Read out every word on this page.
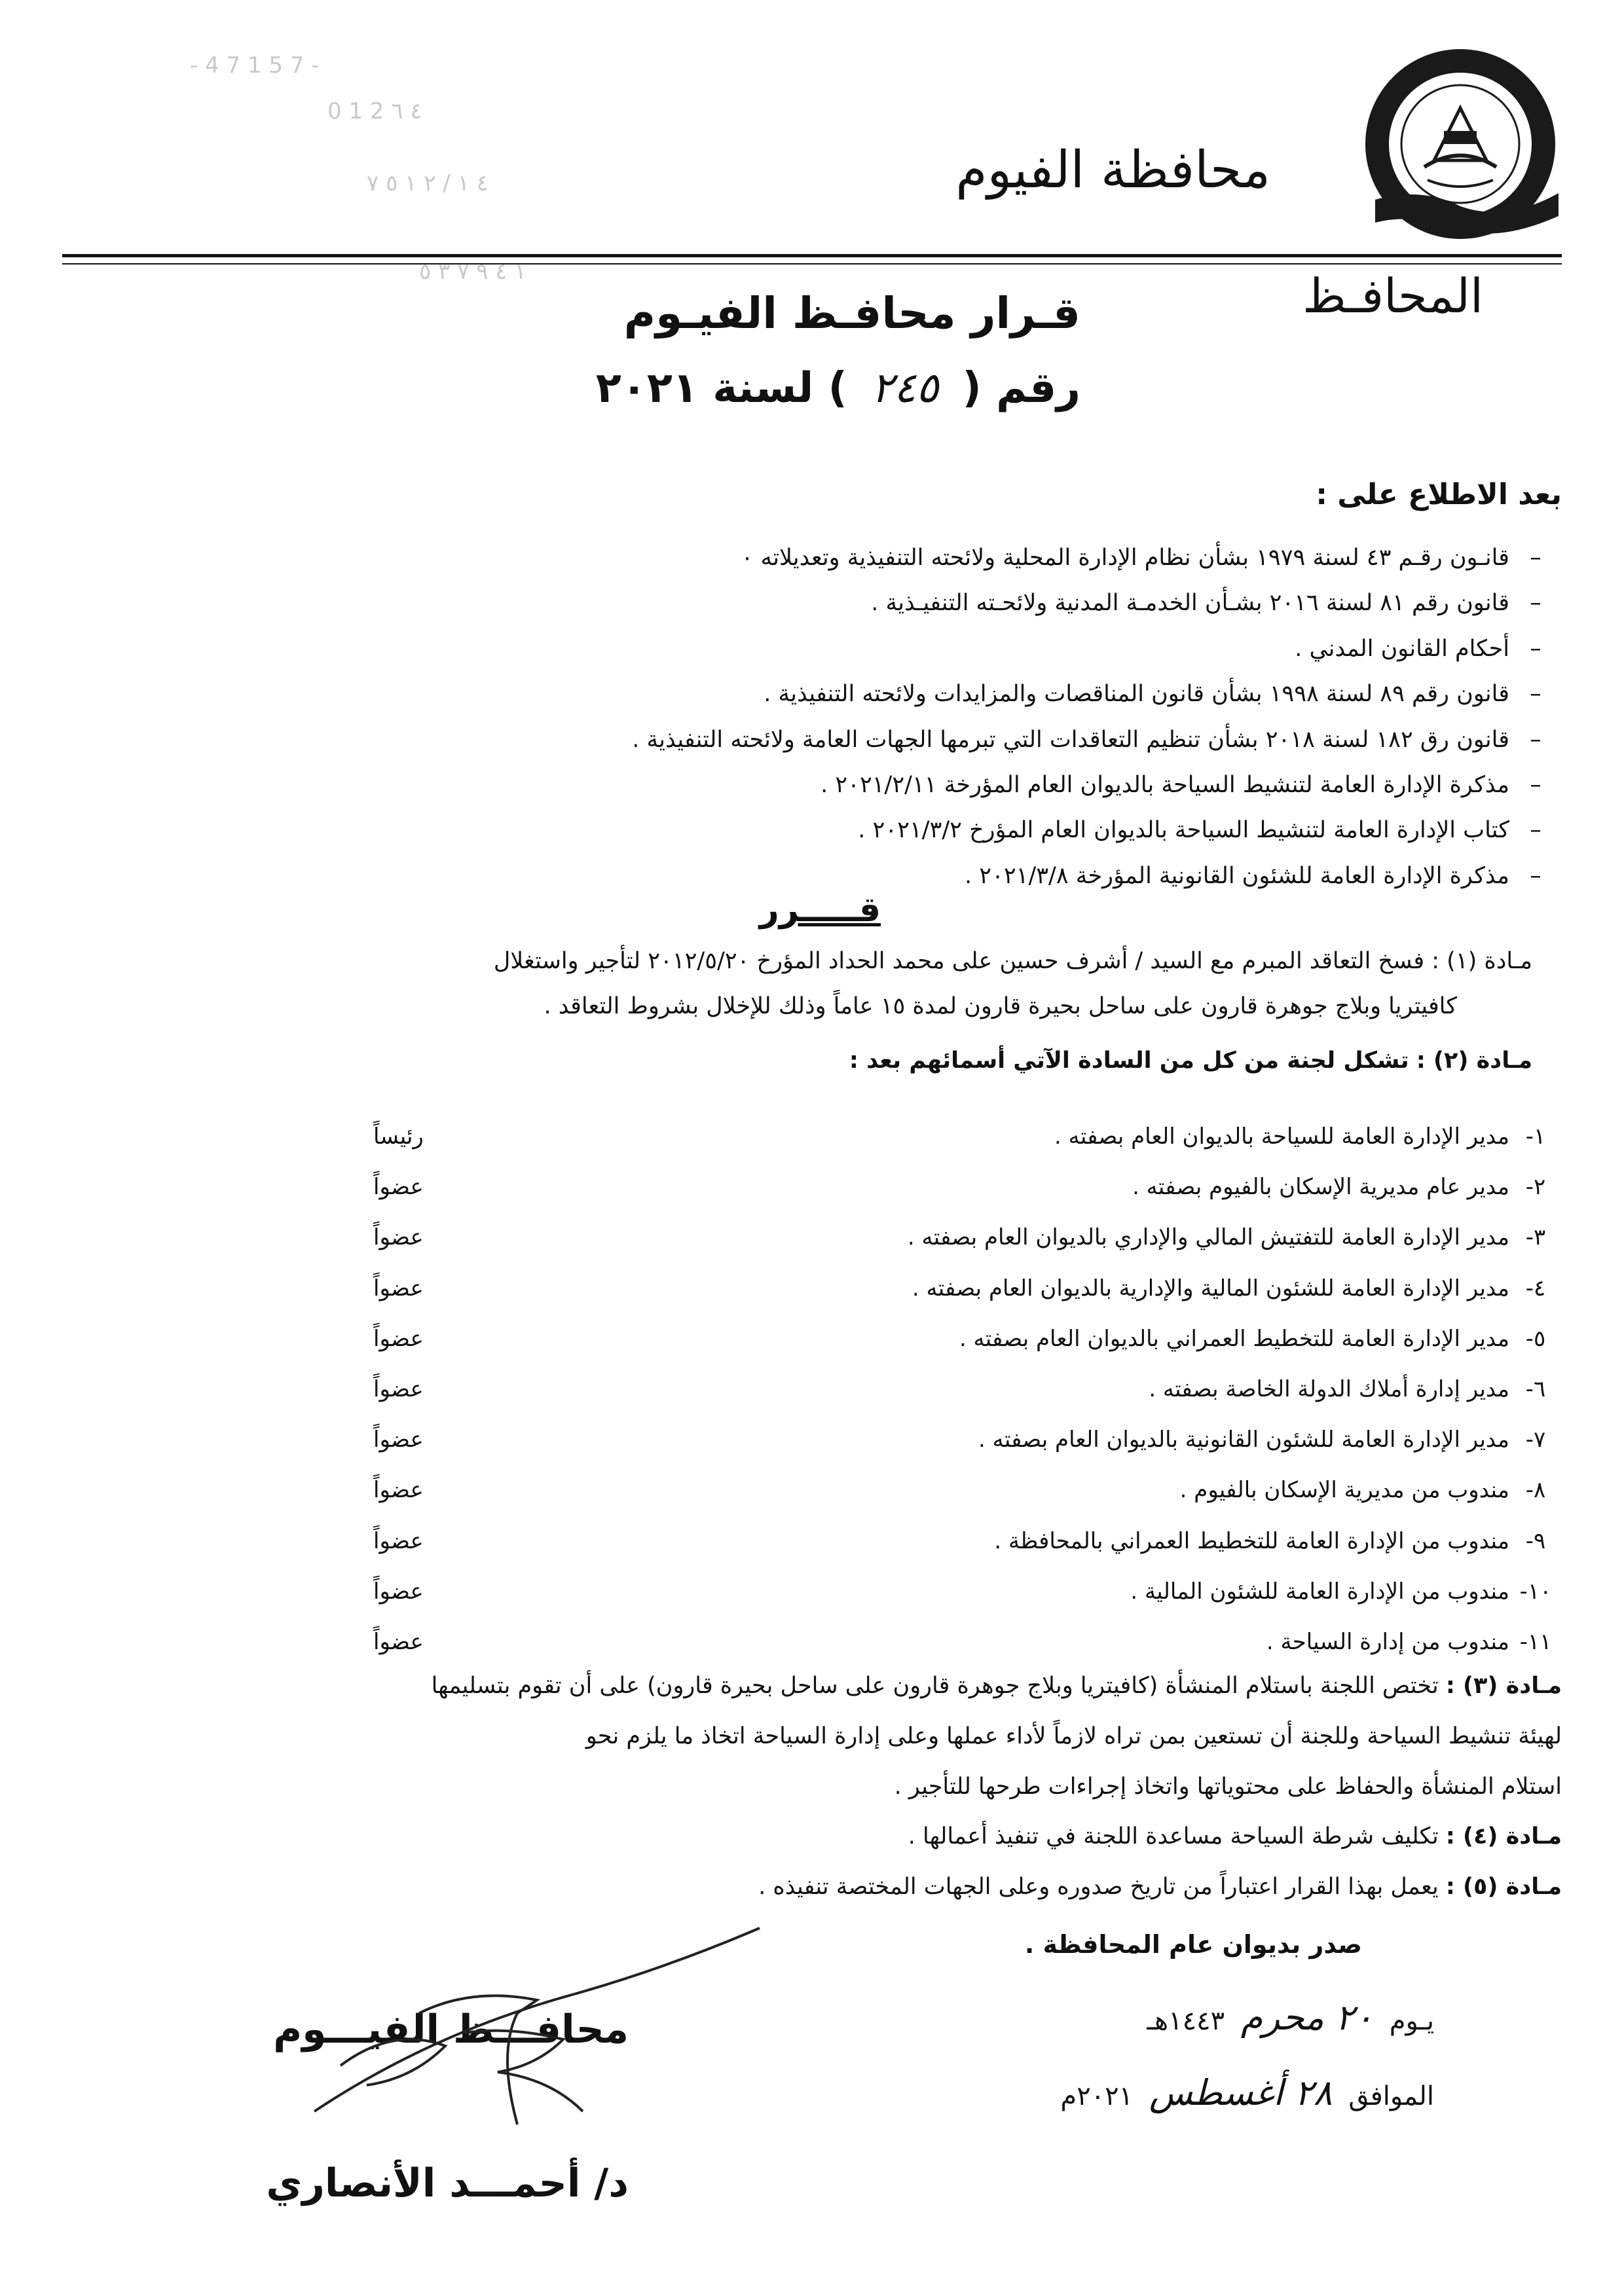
- 4 7 1 5 7 -
0 1 2 ٤ ٦
٤ ١ / ٢ ١ ٥ ٧
١ ٤ ٩ ٧ ٣ ٥
محافظة الفيوم
المحافـظ
قـرار محافـظ الفيـوم
رقم ( ٢٤٥ ) لسنة ٢٠٢١
بعد الاطلاع على :
–قانـون رقـم ٤٣ لسنة ١٩٧٩ بشأن نظام الإدارة المحلية ولائحته التنفيذية وتعديلاته ٠
–قانون رقم ٨١ لسنة ٢٠١٦ بشـأن الخدمـة المدنية ولائحـته التنفيـذية .
–أحكام القانون المدني .
–قانون رقم ٨٩ لسنة ١٩٩٨ بشأن قانون المناقصات والمزايدات ولائحته التنفيذية .
–قانون رق ١٨٢ لسنة ٢٠١٨ بشأن تنظيم التعاقدات التي تبرمها الجهات العامة ولائحته التنفيذية .
–مذكرة الإدارة العامة لتنشيط السياحة بالديوان العام المؤرخة ٢٠٢١/٢/١١ .
–كتاب الإدارة العامة لتنشيط السياحة بالديوان العام المؤرخ ٢٠٢١/٣/٢ .
–مذكرة الإدارة العامة للشئون القانونية المؤرخة ٢٠٢١/٣/٨ .
قـــــرر
مـادة (١) : فسخ التعاقد المبرم مع السيد / أشرف حسين على محمد الحداد المؤرخ ٢٠١٢/٥/٢٠ لتأجير واستغلال
كافيتريا وبلاج جوهرة قارون على ساحل بحيرة قارون لمدة ١٥ عاماً وذلك للإخلال بشروط التعاقد .
مـادة (٢) : تشكل لجنة من كل من السادة الآتي أسمائهم بعد :
١-مدير الإدارة العامة للسياحة بالديوان العام بصفته .
رئيساً
٢-مدير عام مديرية الإسكان بالفيوم بصفته .
عضواً
٣-مدير الإدارة العامة للتفتيش المالي والإداري بالديوان العام بصفته .
عضواً
٤-مدير الإدارة العامة للشئون المالية والإدارية بالديوان العام بصفته .
عضواً
٥-مدير الإدارة العامة للتخطيط العمراني بالديوان العام بصفته .
عضواً
٦-مدير إدارة أملاك الدولة الخاصة بصفته .
عضواً
٧-مدير الإدارة العامة للشئون القانونية بالديوان العام بصفته .
عضواً
٨-مندوب من مديرية الإسكان بالفيوم .
عضواً
٩-مندوب من الإدارة العامة للتخطيط العمراني بالمحافظة .
عضواً
١٠-مندوب من الإدارة العامة للشئون المالية .
عضواً
١١-مندوب من إدارة السياحة .
عضواً
مـادة (٣) : تختص اللجنة باستلام المنشأة (كافيتريا وبلاج جوهرة قارون على ساحل بحيرة قارون) على أن تقوم بتسليمها
لهيئة تنشيط السياحة وللجنة أن تستعين بمن تراه لازماً لأداء عملها وعلى إدارة السياحة اتخاذ ما يلزم نحو
استلام المنشأة والحفاظ على محتوياتها واتخاذ إجراءات طرحها للتأجير .
مـادة (٤) : تكليف شرطة السياحة مساعدة اللجنة في تنفيذ أعمالها .
مـادة (٥) : يعمل بهذا القرار اعتباراً من تاريخ صدوره وعلى الجهات المختصة تنفيذه .
صدر بديوان عام المحافظة .
يـوم ٢٠ محرم ١٤٤٣هـ
الموافق ٢٨ أغسطس ٢٠٢١م
محافـــظ الفيـــوم
د/ أحمـــد الأنصاري
